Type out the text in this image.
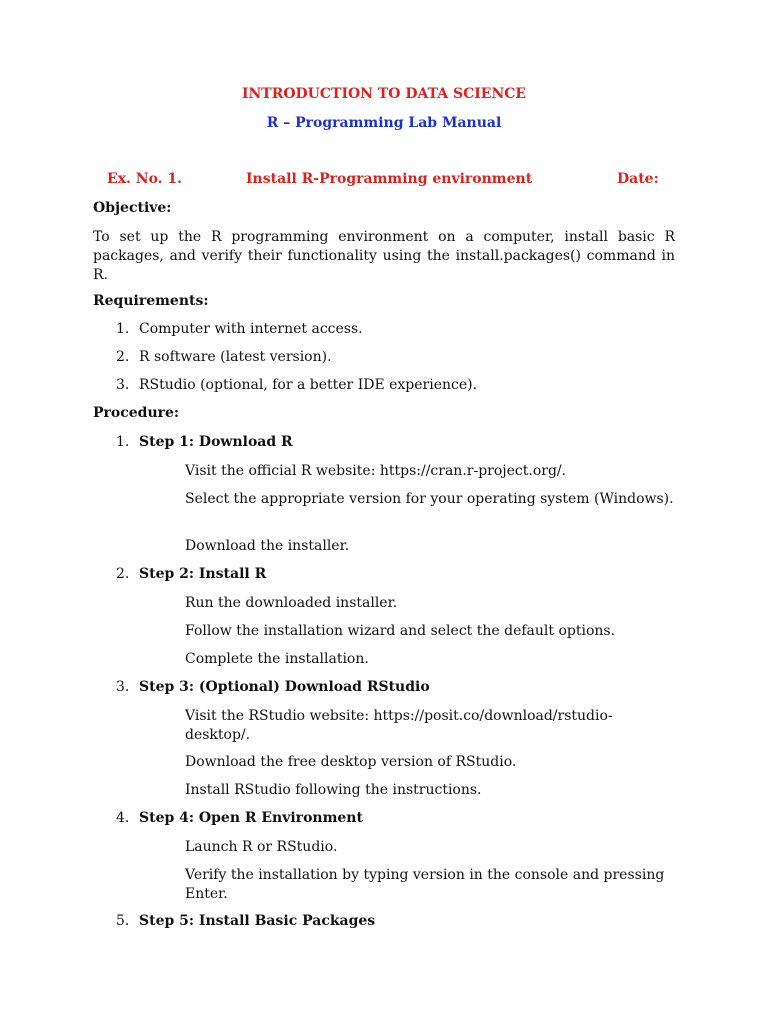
INTRODUCTION TO DATA SCIENCE
R – Programming Lab Manual
Ex. No. 1.	Install R-Programming environment	Date:
Objective:
To set up the R programming environment on a computer, install basic R packages, and verify their functionality using the install.packages() command in R.
Requirements:
1. Computer with internet access.
2. R software (latest version).
3. RStudio (optional, for a better IDE experience).
Procedure:
1. Step 1: Download R
Visit the official R website: https://cran.r-project.org/.
Select the appropriate version for your operating system (Windows).
Download the installer.
2. Step 2: Install R
Run the downloaded installer.
Follow the installation wizard and select the default options.
Complete the installation.
3. Step 3: (Optional) Download RStudio
Visit the RStudio website: https://posit.co/download/rstudio-desktop/.
Download the free desktop version of RStudio.
Install RStudio following the instructions.
4. Step 4: Open R Environment
Launch R or RStudio.
Verify the installation by typing version in the console and pressing Enter.
5. Step 5: Install Basic Packages
